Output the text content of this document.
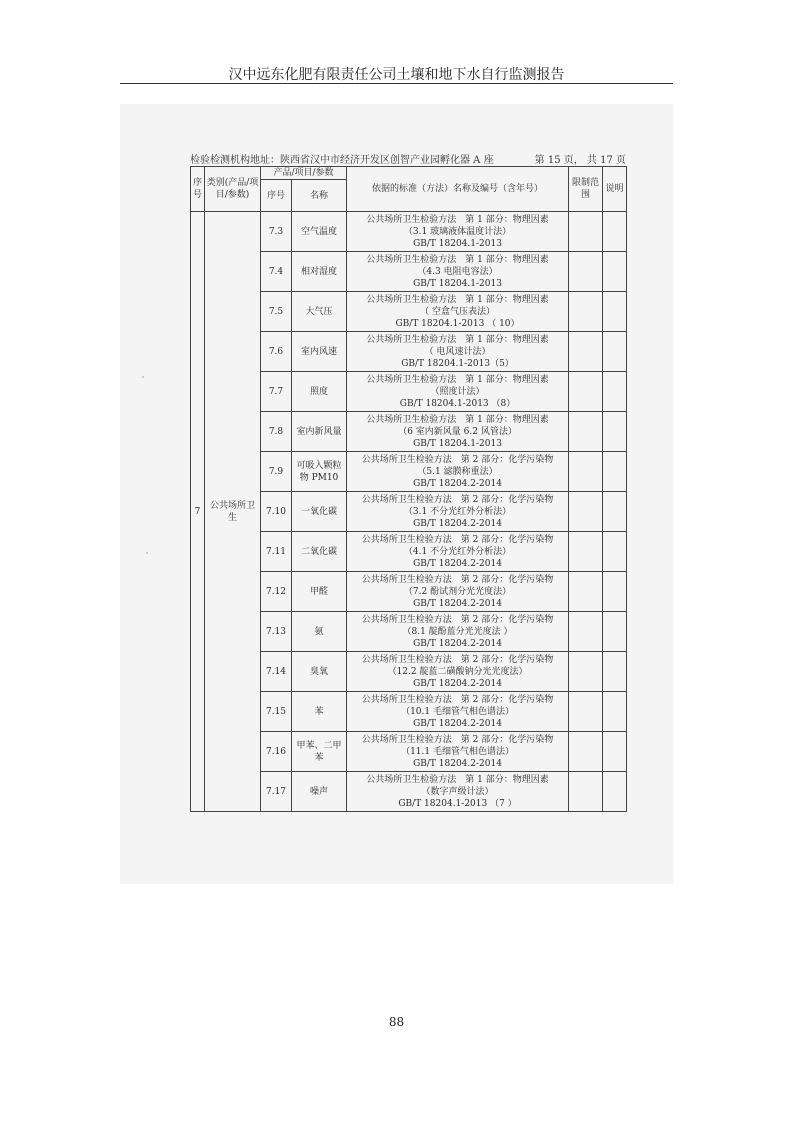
汉中远东化肥有限责任公司土壤和地下水自行监测报告
检验检测机构地址：陕西省汉中市经济开发区创智产业园孵化器 A 座	第 15 页， 共 17 页
序号	类别(产品/项目/参数)	产品/项目/参数		依据的标准（方法）名称及编号（含年号）	限制范围	说明
		序号	名称			
7	公共场所卫生	7.3	空气温度	公共场所卫生检验方法　第 1 部分：物理因素
（3.1 玻璃液体温度计法）
GB/T 18204.1-2013		

		7.4	相对湿度	公共场所卫生检验方法　第 1 部分：物理因素
（4.3 电阻电容法）
GB/T 18204.1-2013		

		7.5	大气压	公共场所卫生检验方法　第 1 部分：物理因素
（ 空盒气压表法）
GB/T 18204.1-2013 （ 10）		

		7.6	室内风速	公共场所卫生检验方法　第 1 部分：物理因素
（ 电风速计法）
GB/T 18204.1-2013（5）		

		7.7	照度	公共场所卫生检验方法　第 1 部分：物理因素
（照度计法）
GB/T 18204.1-2013 （8）		

		7.8	室内新风量	公共场所卫生检验方法　第 1 部分：物理因素
（6 室内新风量 6.2 风管法）
GB/T 18204.1-2013		

		7.9	可吸入颗粒物 PM10	公共场所卫生检验方法　第 2 部分：化学污染物
（5.1 滤膜称重法）
GB/T 18204.2-2014		

		7.10	一氧化碳	公共场所卫生检验方法　第 2 部分：化学污染物
（3.1 不分光红外分析法）
GB/T 18204.2-2014		

		7.11	二氧化碳	公共场所卫生检验方法　第 2 部分：化学污染物
（4.1 不分光红外分析法）
GB/T 18204.2-2014		

		7.12	甲醛	公共场所卫生检验方法　第 2 部分：化学污染物
（7.2 酚试剂分光光度法）
GB/T 18204.2-2014		

		7.13	氨	公共场所卫生检验方法　第 2 部分：化学污染物
（8.1 靛酚蓝分光光度法 ）
GB/T 18204.2-2014		

		7.14	臭氧	公共场所卫生检验方法　第 2 部分：化学污染物
（12.2 靛蓝二磺酸钠分光光度法）
GB/T 18204.2-2014		

		7.15	苯	公共场所卫生检验方法　第 2 部分：化学污染物
（10.1 毛细管气相色谱法）
GB/T 18204.2-2014		

		7.16	甲苯、二甲苯	公共场所卫生检验方法　第 2 部分：化学污染物
（11.1 毛细管气相色谱法）
GB/T 18204.2-2014		

		7.17	噪声	公共场所卫生检验方法　第 1 部分：物理因素
（数字声级计法）
GB/T 18204.1-2013 （7 ）		

88
